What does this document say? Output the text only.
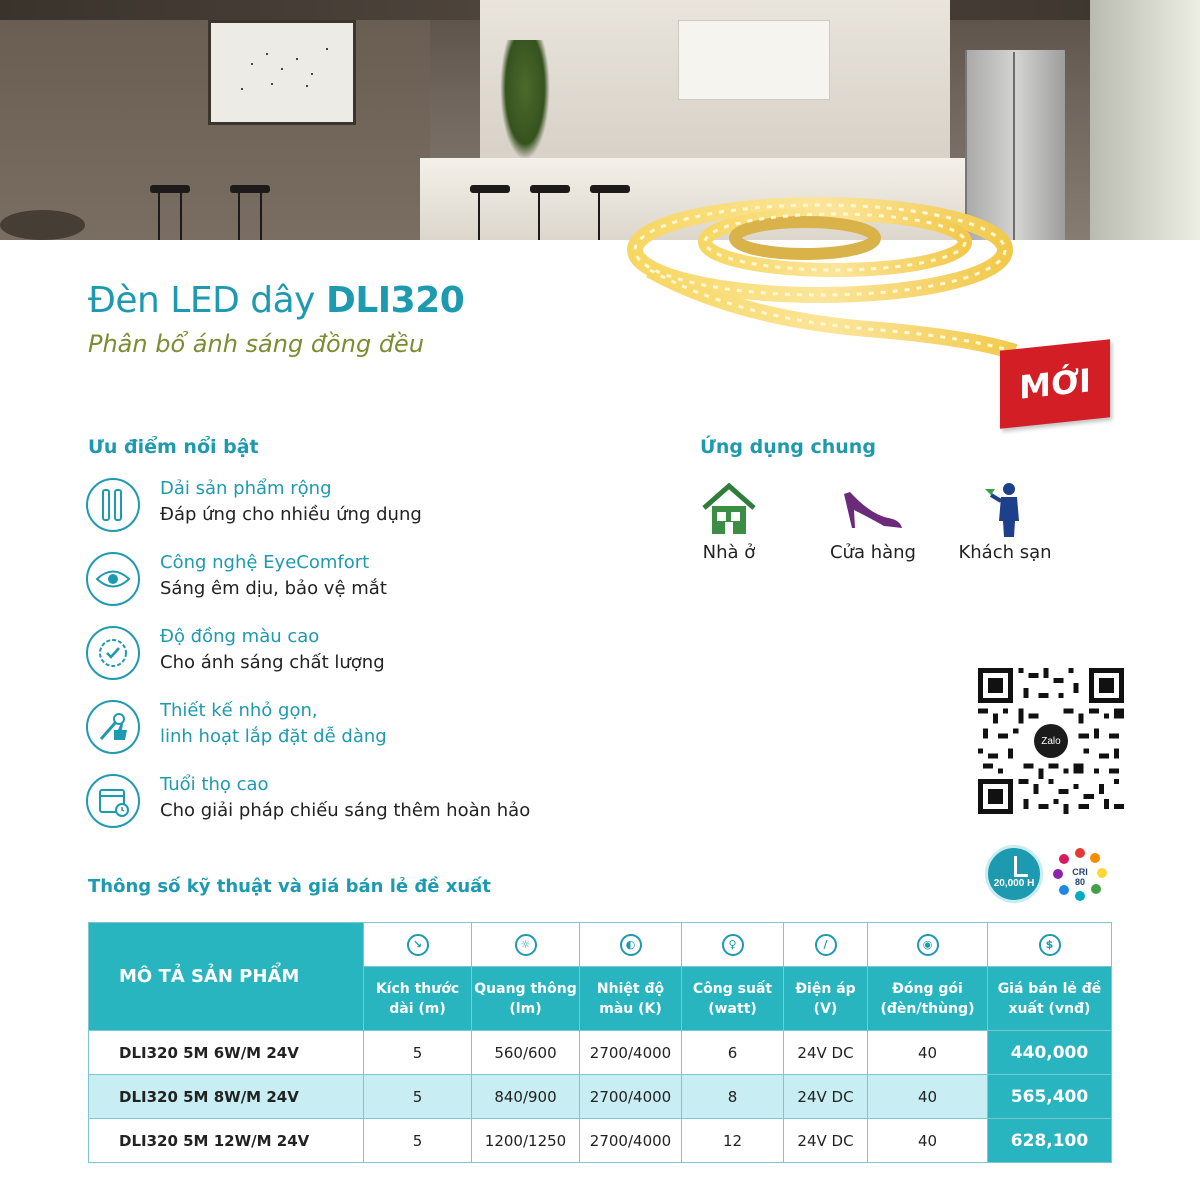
MỚI
Đèn LED dây DLI320
Phân bổ ánh sáng đồng đều
Ưu điểm nổi bật
Dải sản phẩm rộng
Đáp ứng cho nhiều ứng dụng
Công nghệ EyeComfort
Sáng êm dịu, bảo vệ mắt
Độ đồng màu cao
Cho ánh sáng chất lượng
Thiết kế nhỏ gọn,
linh hoạt lắp đặt dễ dàng
Tuổi thọ cao
Cho giải pháp chiếu sáng thêm hoàn hảo
Ứng dụng chung
Nhà ở	Cửa hàng	Khách sạn
Zalo
20,000 H
CRI
80
Thông số kỹ thuật và giá bán lẻ đề xuất
MÔ TẢ SẢN PHẨM	↘	☼	◐	♀	/	◉	$

	Kích thước dài (m)	Quang thông (lm)	Nhiệt độ màu (K)	Công suất (watt)	Điện áp (V)	Đóng gói (đèn/thùng)	Giá bán lẻ đề xuất (vnđ)
DLI320 5M 6W/M 24V	5	560/600	2700/4000	6	24V DC	40	440,000
DLI320 5M 8W/M 24V	5	840/900	2700/4000	8	24V DC	40	565,400
DLI320 5M 12W/M 24V	5	1200/1250	2700/4000	12	24V DC	40	628,100
